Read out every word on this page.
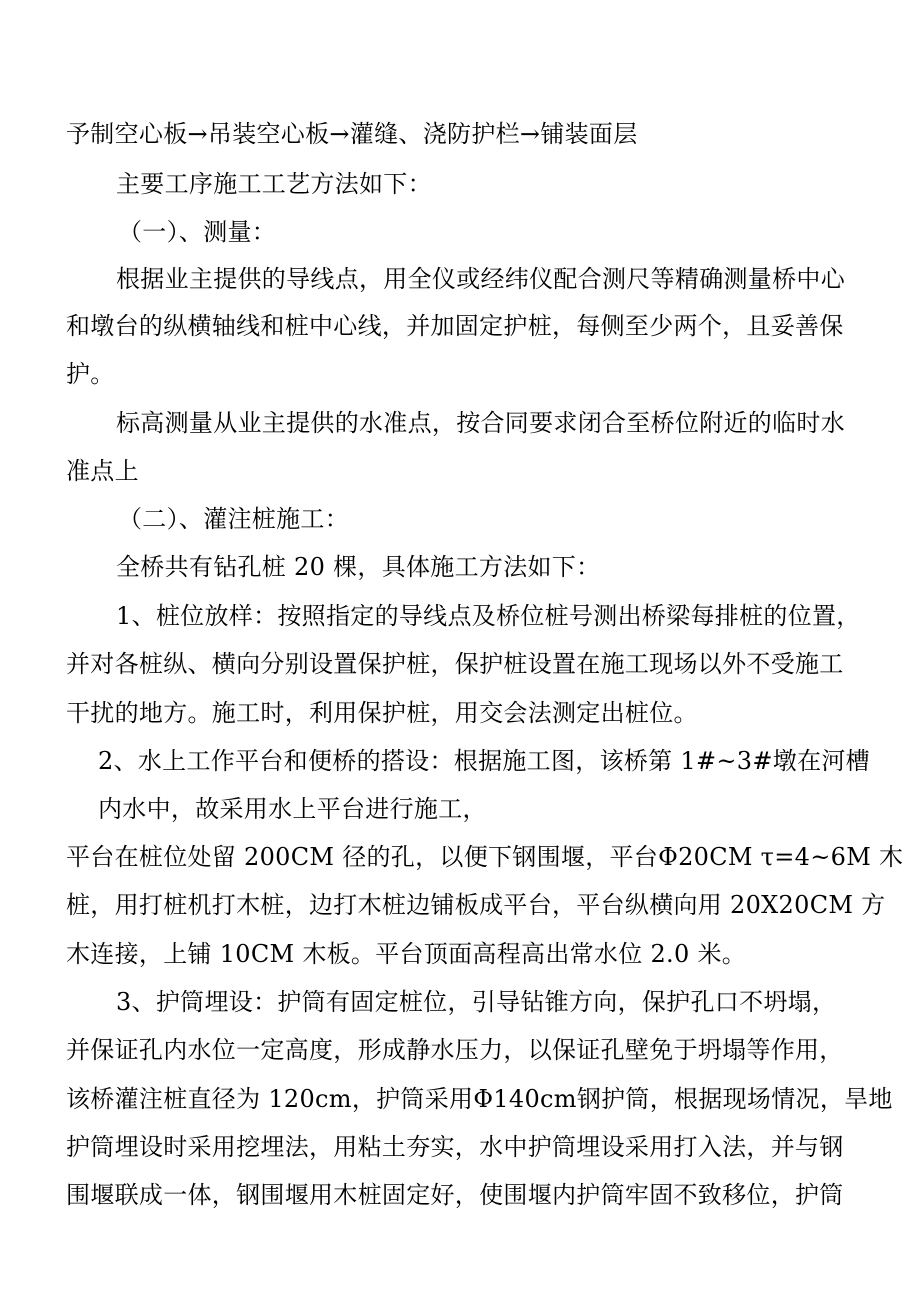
予制空心板→吊装空心板→灌缝、浇防护栏→铺装面层
主要工序施工工艺方法如下：
（一）、测量：
根据业主提供的导线点，用全仪或经纬仪配合测尺等精确测量桥中心
和墩台的纵横轴线和桩中心线，并加固定护桩，每侧至少两个，且妥善保
护。
标高测量从业主提供的水准点，按合同要求闭合至桥位附近的临时水
准点上
（二）、灌注桩施工：
全桥共有钻孔桩 20 棵，具体施工方法如下：
1、桩位放样：按照指定的导线点及桥位桩号测出桥梁每排桩的位置，
并对各桩纵、横向分别设置保护桩，保护桩设置在施工现场以外不受施工
干扰的地方。施工时，利用保护桩，用交会法测定出桩位。
2、水上工作平台和便桥的搭设：根据施工图，该桥第 1#~3#墩在河槽
内水中，故采用水上平台进行施工，
平台在桩位处留 200CM 径的孔，以便下钢围堰，平台Φ20CM τ=4~6M 木
桩，用打桩机打木桩，边打木桩边铺板成平台，平台纵横向用 20X20CM 方
木连接，上铺 10CM 木板。平台顶面高程高出常水位 2.0 米。
3、护筒埋设：护筒有固定桩位，引导钻锥方向，保护孔口不坍塌，
并保证孔内水位一定高度，形成静水压力，以保证孔壁免于坍塌等作用，
该桥灌注桩直径为 120cm，护筒采用Φ140cm钢护筒，根据现场情况，旱地
护筒埋设时采用挖埋法，用粘土夯实，水中护筒埋设采用打入法，并与钢
围堰联成一体，钢围堰用木桩固定好，使围堰内护筒牢固不致移位，护筒
